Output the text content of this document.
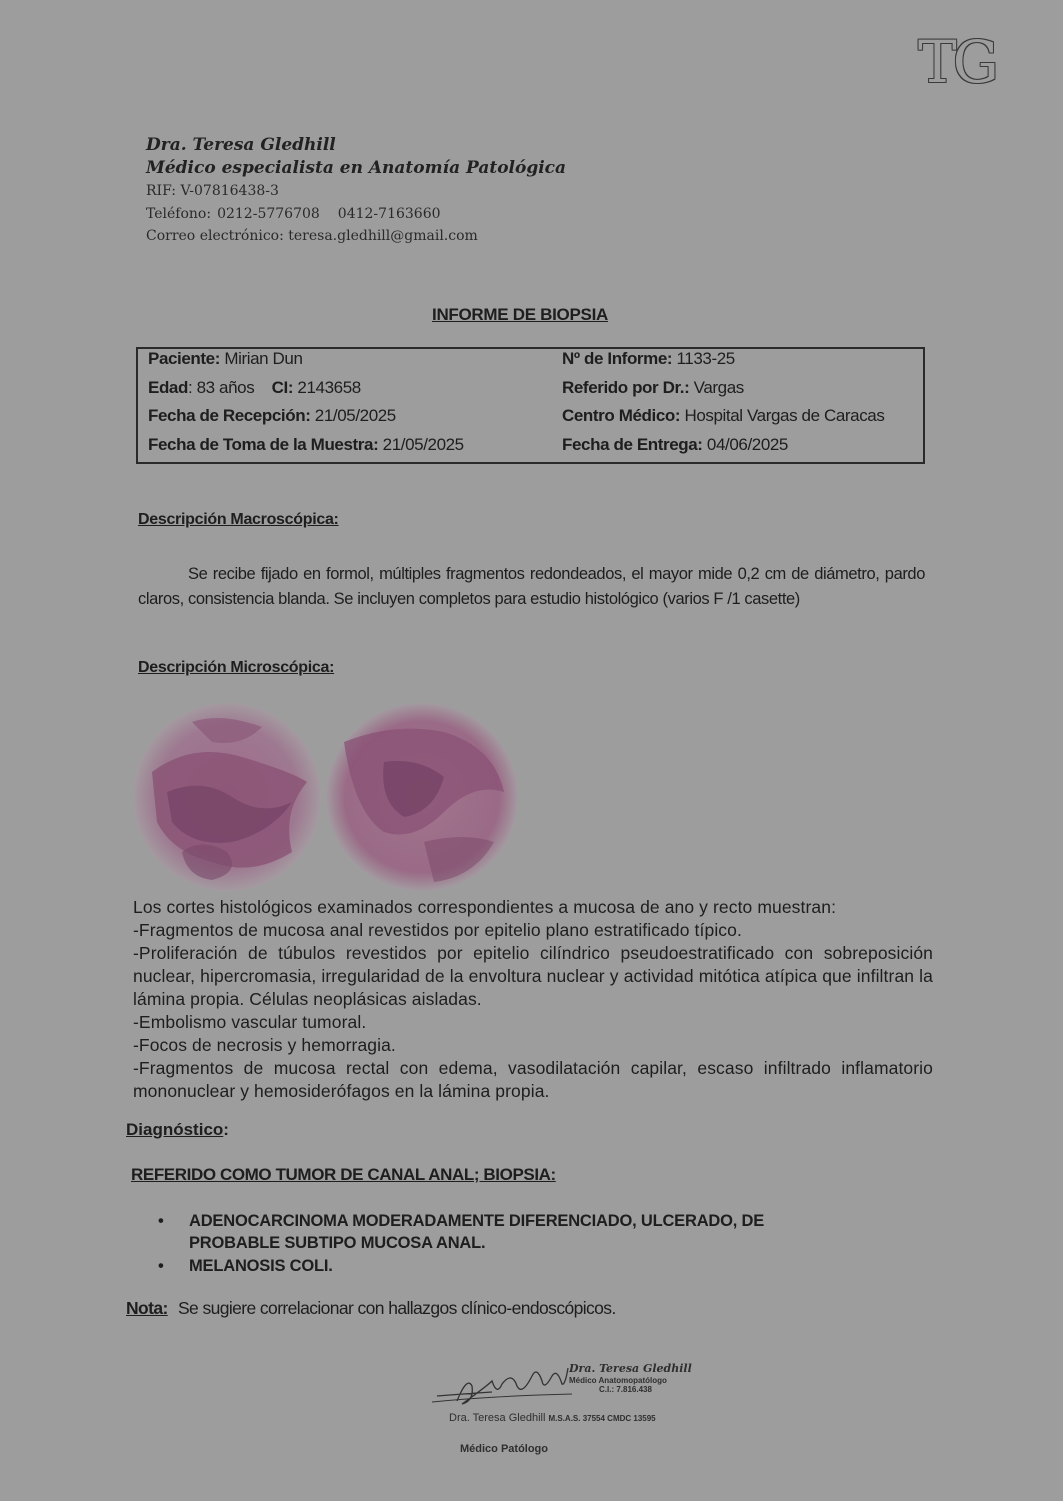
TG
Dra. Teresa Gledhill
Médico especialista en Anatomía Patológica
RIF: V-07816438-3
Teléfono: 0212-5776708 0412-7163660
Correo electrónico: teresa.gledhill@gmail.com
INFORME DE BIOPSIA
Paciente: Mirian Dun
Edad: 83 años CI: 2143658
Fecha de Recepción: 21/05/2025
Fecha de Toma de la Muestra: 21/05/2025
Nº de Informe: 1133-25
Referido por Dr.: Vargas
Centro Médico: Hospital Vargas de Caracas
Fecha de Entrega: 04/06/2025
Descripción Macroscópica:
Se recibe fijado en formol, múltiples fragmentos redondeados, el mayor mide 0,2 cm de diámetro, pardo claros, consistencia blanda. Se incluyen completos para estudio histológico (varios F /1 casette)
Descripción Microscópica:

Los cortes histológicos examinados correspondientes a mucosa de ano y recto muestran:

-Fragmentos de mucosa anal revestidos por epitelio plano estratificado típico.

-Proliferación de túbulos revestidos por epitelio cilíndrico pseudoestratificado con sobreposición nuclear, hipercromasia, irregularidad de la envoltura nuclear y actividad mitótica atípica que infiltran la lámina propia. Células neoplásicas aisladas.

-Embolismo vascular tumoral.

-Focos de necrosis y hemorragia.

-Fragmentos de mucosa rectal con edema, vasodilatación capilar, escaso infiltrado inflamatorio mononuclear y hemosiderófagos en la lámina propia.

Diagnóstico:
REFERIDO COMO TUMOR DE CANAL ANAL; BIOPSIA:
• ADENOCARCINOMA MODERADAMENTE DIFERENCIADO, ULCERADO, DE PROBABLE SUBTIPO MUCOSA ANAL.
• MELANOSIS COLI.
Nota: Se sugiere correlacionar con hallazgos clínico-endoscópicos.
Dra. Teresa Gledhill
Médico Anatomopatólogo
C.I.: 7.816.438
Dra. Teresa Gledhill M.S.A.S. 37554 CMDC 13595
Médico Patólogo
